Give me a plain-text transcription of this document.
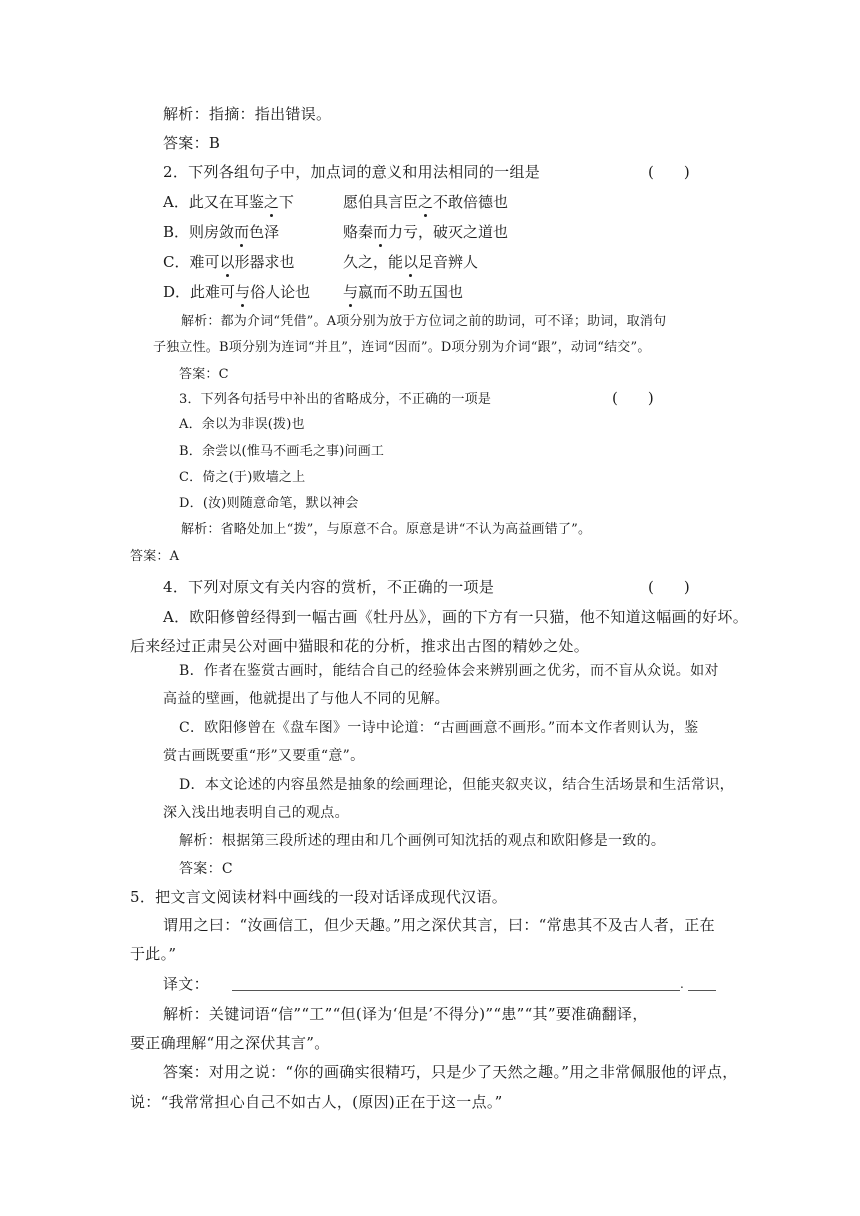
解析：指摘：指出错误。
答案：B
2．下列各组句子中，加点词的意义和用法相同的一组是	(　　)
A．此又在耳鉴之下	愿伯具言臣之不敢倍德也
B．则房敛而色泽	赂秦而力亏，破灭之道也
C．难可以形器求也	久之，能以足音辨人
D．此难可与俗人论也 与嬴而不助五国也
解析：都为介词“凭借”。A项分别为放于方位词之前的助词，可不译；助词，取消句
子独立性。B项分别为连词“并且”，连词“因而”。D项分别为介词“跟”，动词“结交”。
答案：C
3．下列各句括号中补出的省略成分，不正确的一项是	(　　)
A．余以为非误(拨)也
B．余尝以(惟马不画毛之事)问画工
C．倚之(于)败墙之上
D．(汝)则随意命笔，默以神会
解析：省略处加上“拨”，与原意不合。原意是讲“不认为高益画错了”。
答案：A
4．下列对原文有关内容的赏析，不正确的一项是	(　　)
A．欧阳修曾经得到一幅古画《牡丹丛》，画的下方有一只猫，他不知道这幅画的好坏。
后来经过正肃吴公对画中猫眼和花的分析，推求出古图的精妙之处。
B．作者在鉴赏古画时，能结合自己的经验体会来辨别画之优劣，而不盲从众说。如对
高益的壁画，他就提出了与他人不同的见解。
C．欧阳修曾在《盘车图》一诗中论道：“古画画意不画形。”而本文作者则认为，鉴
赏古画既要重“形”又要重“意”。
D．本文论述的内容虽然是抽象的绘画理论，但能夹叙夹议，结合生活场景和生活常识，
深入浅出地表明自己的观点。
解析：根据第三段所述的理由和几个画例可知沈括的观点和欧阳修是一致的。
答案：C
5．把文言文阅读材料中画线的一段对话译成现代汉语。
谓用之曰：“汝画信工，但少天趣。”用之深伏其言，曰：“常患其不及古人者，正在
于此。”
译文：	.
解析：关键词语“信”“工”“但(译为‘但是’不得分)”“患”“其”要准确翻译，
要正确理解“用之深伏其言”。
答案：对用之说：“你的画确实很精巧，只是少了天然之趣。”用之非常佩服他的评点，
说：“我常常担心自己不如古人，(原因)正在于这一点。”
